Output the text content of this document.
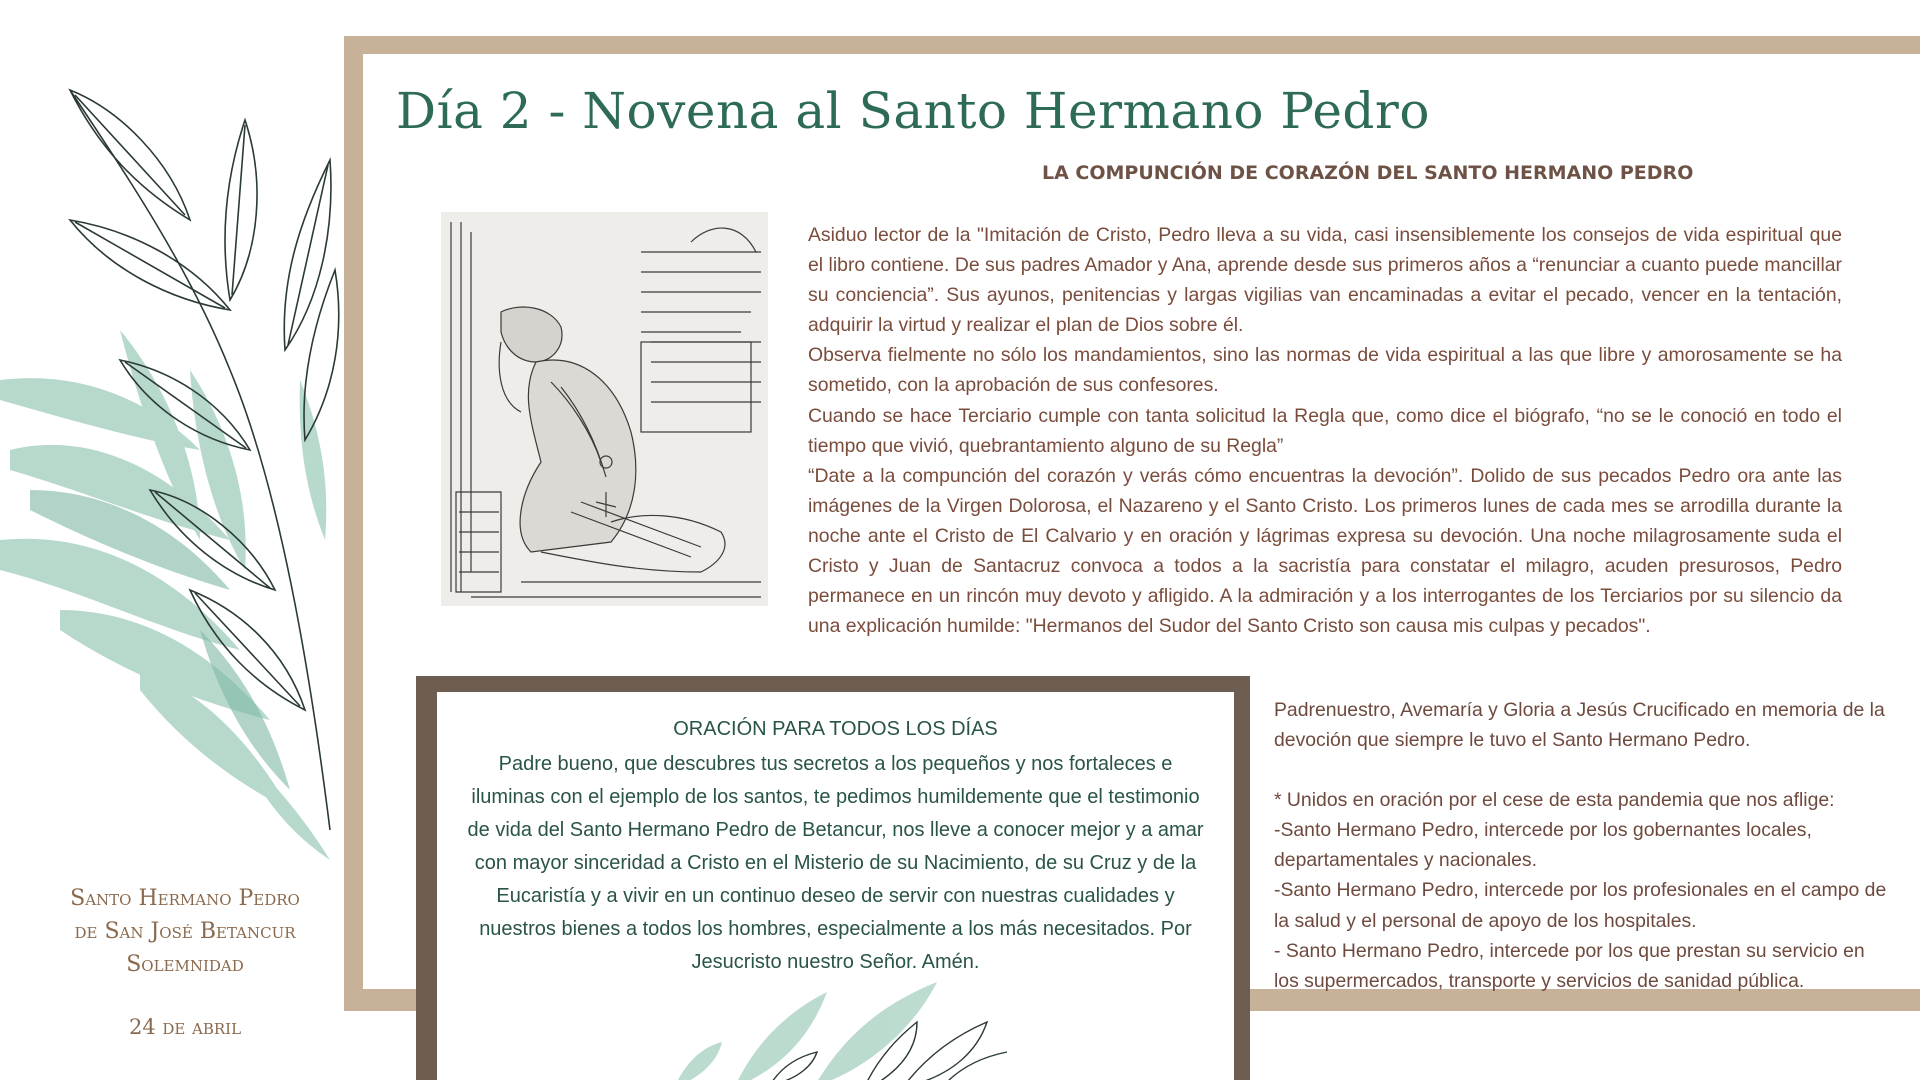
Santo Hermano Pedro

de San José Betancur

Solemnidad

24 de abril
Día 2 - Novena al Santo Hermano Pedro
LA COMPUNCIÓN DE CORAZÓN DEL SANTO HERMANO PEDRO

Asiduo lector de la "Imitación de Cristo, Pedro lleva a su vida, casi insensiblemente los consejos de vida espiritual que el libro contiene. De sus padres Amador y Ana, aprende desde sus primeros años a “renunciar a cuanto puede mancillar su conciencia”. Sus ayunos, penitencias y largas vigilias van encaminadas a evitar el pecado, vencer en la tentación, adquirir la virtud y realizar el plan de Dios sobre él.

Observa fielmente no sólo los mandamientos, sino las normas de vida espiritual a las que libre y amorosamente se ha sometido, con la aprobación de sus confesores.

Cuando se hace Terciario cumple con tanta solicitud la Regla que, como dice el biógrafo, “no se le conoció en todo el tiempo que vivió, quebrantamiento alguno de su Regla”

“Date a la compunción del corazón y verás cómo encuentras la devoción”. Dolido de sus pecados Pedro ora ante las imágenes de la Virgen Dolorosa, el Nazareno y el Santo Cristo. Los primeros lunes de cada mes se arrodilla durante la noche ante el Cristo de El Calvario y en oración y lágrimas expresa su devoción. Una noche milagrosamente suda el Cristo y Juan de Santacruz convoca a todos a la sacristía para constatar el milagro, acuden presurosos, Pedro permanece en un rincón muy devoto y afligido. A la admiración y a los interrogantes de los Terciarios por su silencio da una explicación humilde: "Hermanos del Sudor del Santo Cristo son causa mis culpas y pecados".

ORACIÓN PARA TODOS LOS DÍAS
Padre bueno, que descubres tus secretos a los pequeños y nos fortaleces e iluminas con el ejemplo de los santos, te pedimos humildemente que el testimonio de vida del Santo Hermano Pedro de Betancur, nos lleve a conocer mejor y a amar con mayor sinceridad a Cristo en el Misterio de su Nacimiento, de su Cruz y de la Eucaristía y a vivir en un continuo deseo de servir con nuestras cualidades y nuestros bienes a todos los hombres, especialmente a los más necesitados. Por Jesucristo nuestro Señor. Amén.

Padrenuestro, Avemaría y Gloria a Jesús Crucificado en memoria de la devoción que siempre le tuvo el Santo Hermano Pedro.

* Unidos en oración por el cese de esta pandemia que nos aflige:

-Santo Hermano Pedro, intercede por los gobernantes locales, departamentales y nacionales.

-Santo Hermano Pedro, intercede por los profesionales en el campo de la salud y el personal de apoyo de los hospitales.

- Santo Hermano Pedro, intercede por los que prestan su servicio en los supermercados, transporte y servicios de sanidad pública.
